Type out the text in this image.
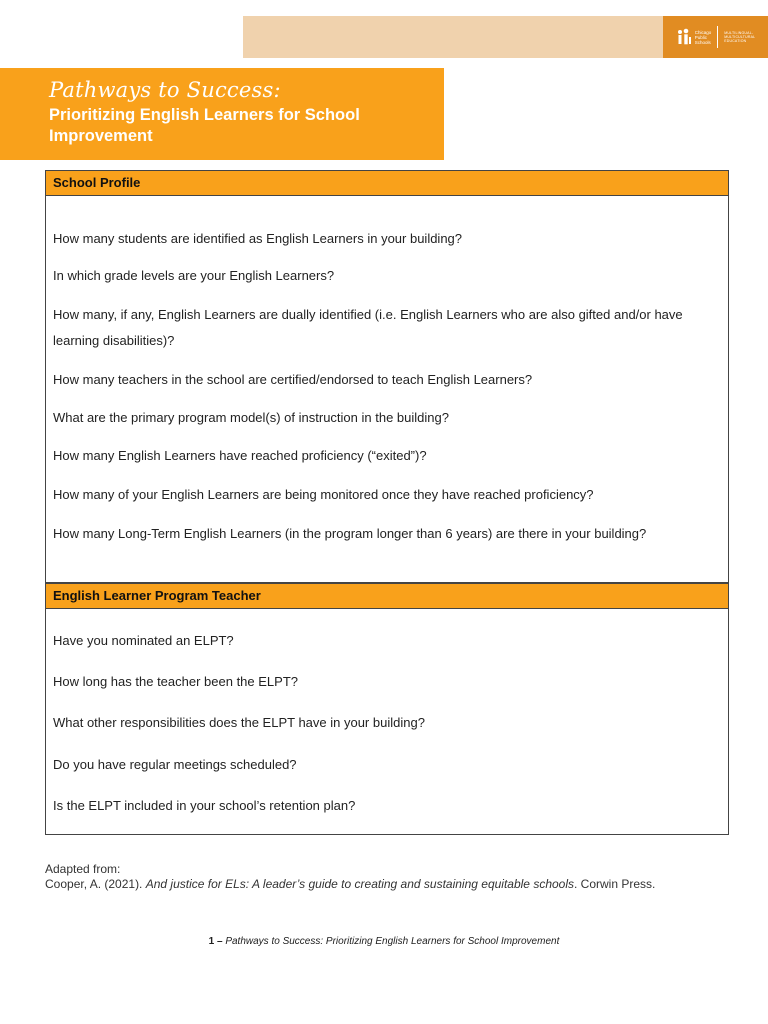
Chicago
Public
Schools
MULTILINGUAL-
MULTICULTURAL
EDUCATION
Pathways to Success:
Prioritizing English Learners for School Improvement
School Profile

How many students are identified as English Learners in your building?

In which grade levels are your English Learners?

How many, if any, English Learners are dually identified (i.e. English Learners who are also gifted and/or have learning disabilities)?

How many teachers in the school are certified/endorsed to teach English Learners?

What are the primary program model(s) of instruction in the building?

How many English Learners have reached proficiency (“exited”)?

How many of your English Learners are being monitored once they have reached proficiency?

How many Long-Term English Learners (in the program longer than 6 years) are there in your building?

English Learner Program Teacher

Have you nominated an ELPT?

How long has the teacher been the ELPT?

What other responsibilities does the ELPT have in your building?

Do you have regular meetings scheduled?

Is the ELPT included in your school’s retention plan?

Adapted from:

Cooper, A. (2021). And justice for ELs: A leader’s guide to creating and sustaining equitable schools. Corwin Press.

1 – Pathways to Success: Prioritizing English Learners for School Improvement
